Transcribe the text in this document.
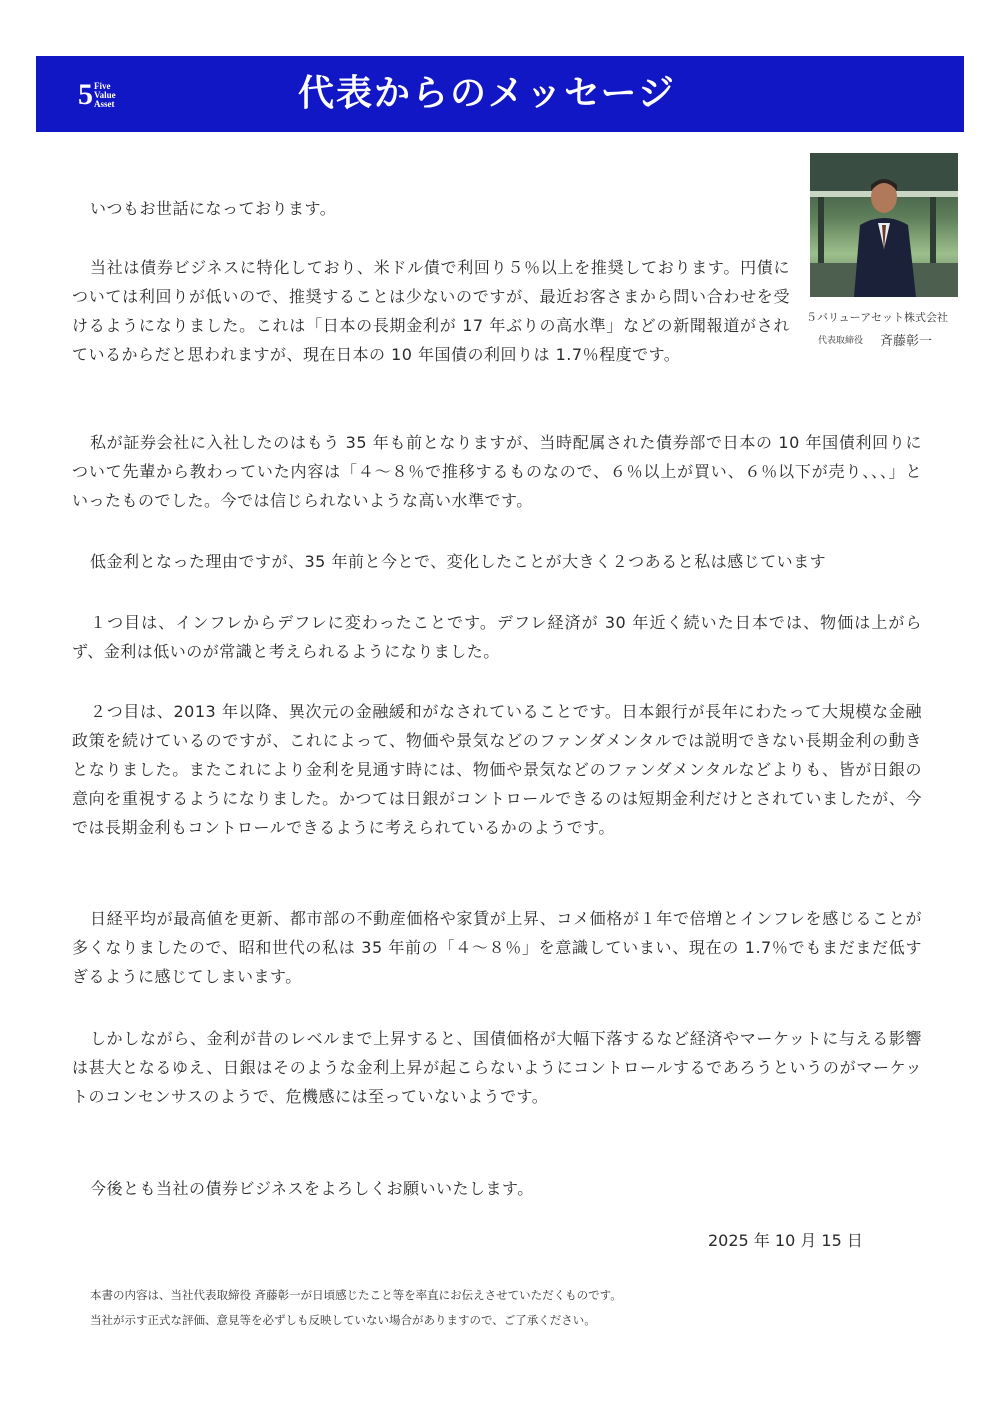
5 Five
Value
Asset	代表からのメッセージ
５バリューアセット株式会社
代表取締役 斉藤彰一

いつもお世話になっております。

当社は債券ビジネスに特化しており、米ドル債で利回り５％以上を推奨しております。円債については利回りが低いので、推奨することは少ないのですが、最近お客さまから問い合わせを受けるようになりました。これは「日本の長期金利が 17 年ぶりの高水準」などの新聞報道がされているからだと思われますが、現在日本の 10 年国債の利回りは 1.7％程度です。

私が証券会社に入社したのはもう 35 年も前となりますが、当時配属された債券部で日本の 10 年国債利回りについて先輩から教わっていた内容は「４～８％で推移するものなので、６％以上が買い、６％以下が売り、、、」といったものでした。今では信じられないような高い水準です。

低金利となった理由ですが、35 年前と今とで、変化したことが大きく２つあると私は感じています

１つ目は、インフレからデフレに変わったことです。デフレ経済が 30 年近く続いた日本では、物価は上がらず、金利は低いのが常識と考えられるようになりました。

２つ目は、2013 年以降、異次元の金融緩和がなされていることです。日本銀行が長年にわたって大規模な金融政策を続けているのですが、これによって、物価や景気などのファンダメンタルでは説明できない長期金利の動きとなりました。またこれにより金利を見通す時には、物価や景気などのファンダメンタルなどよりも、皆が日銀の意向を重視するようになりました。かつては日銀がコントロールできるのは短期金利だけとされていましたが、今では長期金利もコントロールできるように考えられているかのようです。

日経平均が最高値を更新、都市部の不動産価格や家賃が上昇、コメ価格が１年で倍増とインフレを感じることが多くなりましたので、昭和世代の私は 35 年前の「４～８％」を意識していまい、現在の 1.7％でもまだまだ低すぎるように感じてしまいます。

しかしながら、金利が昔のレベルまで上昇すると、国債価格が大幅下落するなど経済やマーケットに与える影響は甚大となるゆえ、日銀はそのような金利上昇が起こらないようにコントロールするであろうというのがマーケットのコンセンサスのようで、危機感には至っていないようです。

今後とも当社の債券ビジネスをよろしくお願いいたします。

2025 年 10 月 15 日
本書の内容は、当社代表取締役 斉藤彰一が日頃感じたこと等を率直にお伝えさせていただくものです。
当社が示す正式な評価、意見等を必ずしも反映していない場合がありますので、ご了承ください。
